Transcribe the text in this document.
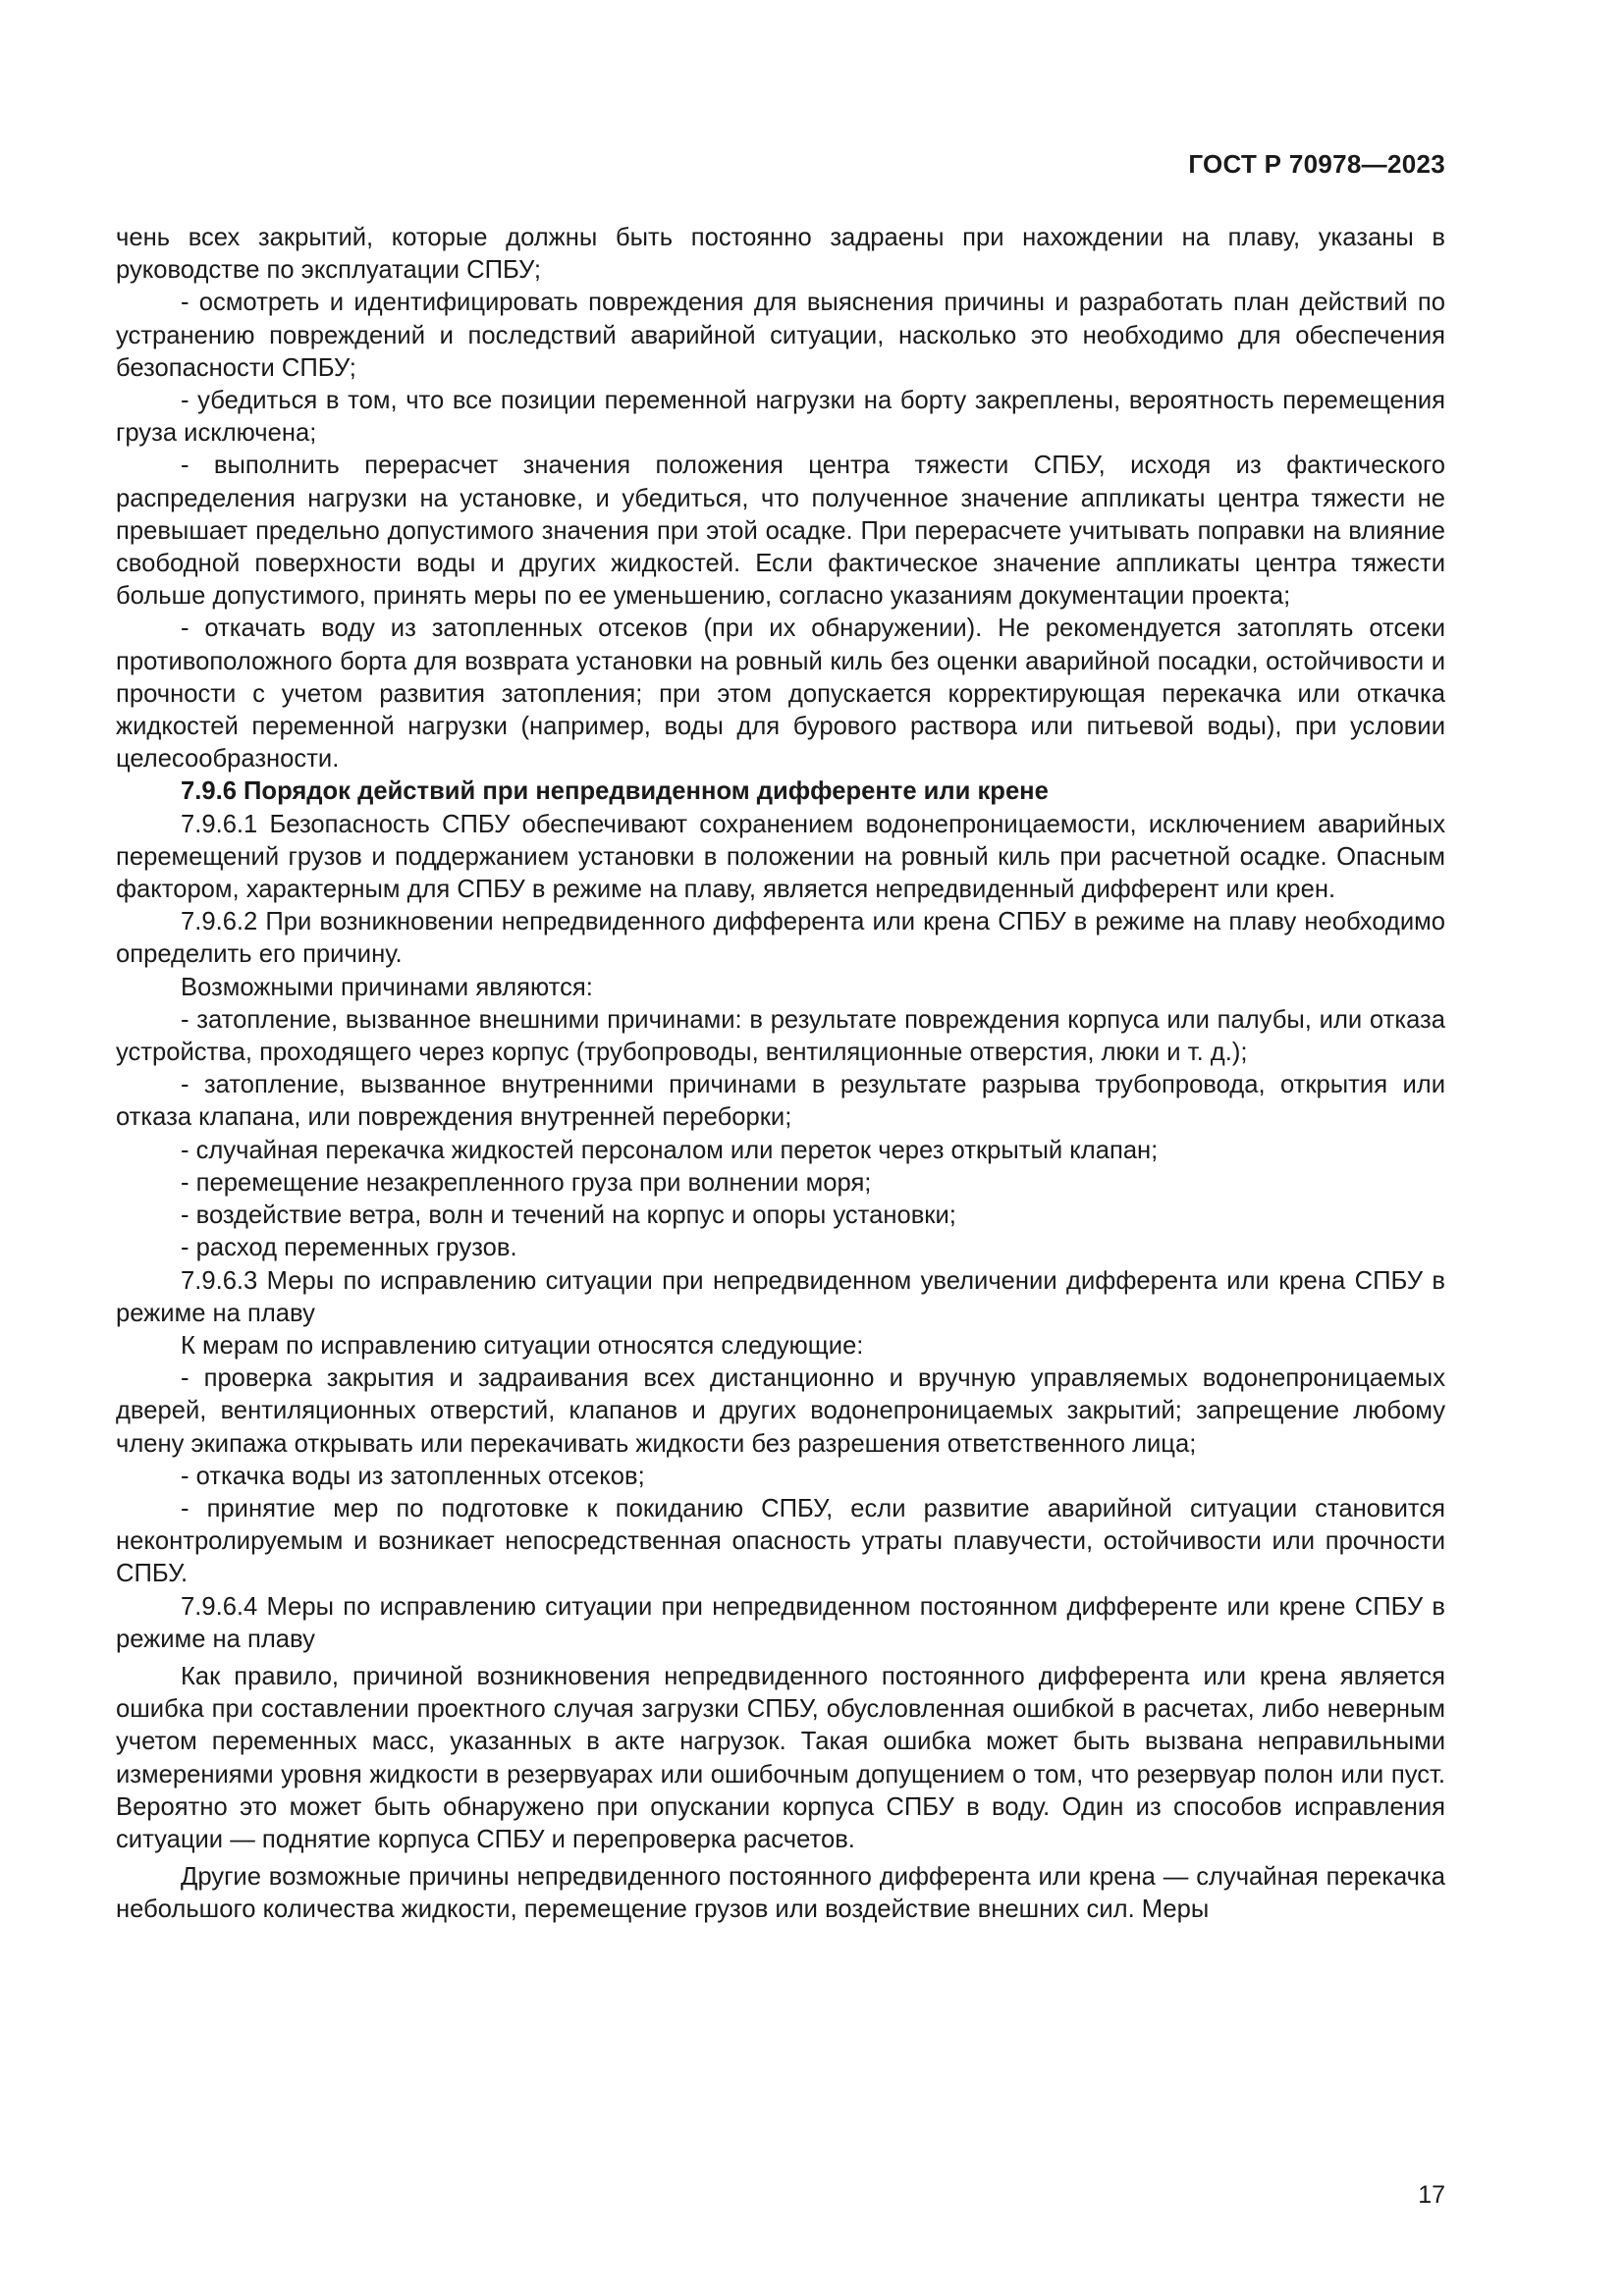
ГОСТ Р 70978—2023

чень всех закрытий, которые должны быть постоянно задраены при нахождении на плаву, указаны в руководстве по эксплуатации СПБУ;

- осмотреть и идентифицировать повреждения для выяснения причины и разработать план действий по устранению повреждений и последствий аварийной ситуации, насколько это необходимо для обеспечения безопасности СПБУ;

- убедиться в том, что все позиции переменной нагрузки на борту закреплены, вероятность перемещения груза исключена;

- выполнить перерасчет значения положения центра тяжести СПБУ, исходя из фактического распределения нагрузки на установке, и убедиться, что полученное значение аппликаты центра тяжести не превышает предельно допустимого значения при этой осадке. При перерасчете учитывать поправки на влияние свободной поверхности воды и других жидкостей. Если фактическое значение аппликаты центра тяжести больше допустимого, принять меры по ее уменьшению, согласно указаниям документации проекта;

- откачать воду из затопленных отсеков (при их обнаружении). Не рекомендуется затоплять отсеки противоположного борта для возврата установки на ровный киль без оценки аварийной посадки, остойчивости и прочности с учетом развития затопления; при этом допускается корректирующая перекачка или откачка жидкостей переменной нагрузки (например, воды для бурового раствора или питьевой воды), при условии целесообразности.

7.9.6 Порядок действий при непредвиденном дифференте или крене

7.9.6.1 Безопасность СПБУ обеспечивают сохранением водонепроницаемости, исключением аварийных перемещений грузов и поддержанием установки в положении на ровный киль при расчетной осадке. Опасным фактором, характерным для СПБУ в режиме на плаву, является непредвиденный дифферент или крен.

7.9.6.2 При возникновении непредвиденного дифферента или крена СПБУ в режиме на плаву необходимо определить его причину.

Возможными причинами являются:

- затопление, вызванное внешними причинами: в результате повреждения корпуса или палубы, или отказа устройства, проходящего через корпус (трубопроводы, вентиляционные отверстия, люки и т. д.);

- затопление, вызванное внутренними причинами в результате разрыва трубопровода, открытия или отказа клапана, или повреждения внутренней переборки;

- случайная перекачка жидкостей персоналом или переток через открытый клапан;

- перемещение незакрепленного груза при волнении моря;

- воздействие ветра, волн и течений на корпус и опоры установки;

- расход переменных грузов.

7.9.6.3 Меры по исправлению ситуации при непредвиденном увеличении дифферента или крена СПБУ в режиме на плаву

К мерам по исправлению ситуации относятся следующие:

- проверка закрытия и задраивания всех дистанционно и вручную управляемых водонепроницаемых дверей, вентиляционных отверстий, клапанов и других водонепроницаемых закрытий; запрещение любому члену экипажа открывать или перекачивать жидкости без разрешения ответственного лица;

- откачка воды из затопленных отсеков;

- принятие мер по подготовке к покиданию СПБУ, если развитие аварийной ситуации становится неконтролируемым и возникает непосредственная опасность утраты плавучести, остойчивости или прочности СПБУ.

7.9.6.4 Меры по исправлению ситуации при непредвиденном постоянном дифференте или крене СПБУ в режиме на плаву

Как правило, причиной возникновения непредвиденного постоянного дифферента или крена является ошибка при составлении проектного случая загрузки СПБУ, обусловленная ошибкой в расчетах, либо неверным учетом переменных масс, указанных в акте нагрузок. Такая ошибка может быть вызвана неправильными измерениями уровня жидкости в резервуарах или ошибочным допущением о том, что резервуар полон или пуст. Вероятно это может быть обнаружено при опускании корпуса СПБУ в воду. Один из способов исправления ситуации — поднятие корпуса СПБУ и перепроверка расчетов.

Другие возможные причины непредвиденного постоянного дифферента или крена — случайная перекачка небольшого количества жидкости, перемещение грузов или воздействие внешних сил. Меры

17
